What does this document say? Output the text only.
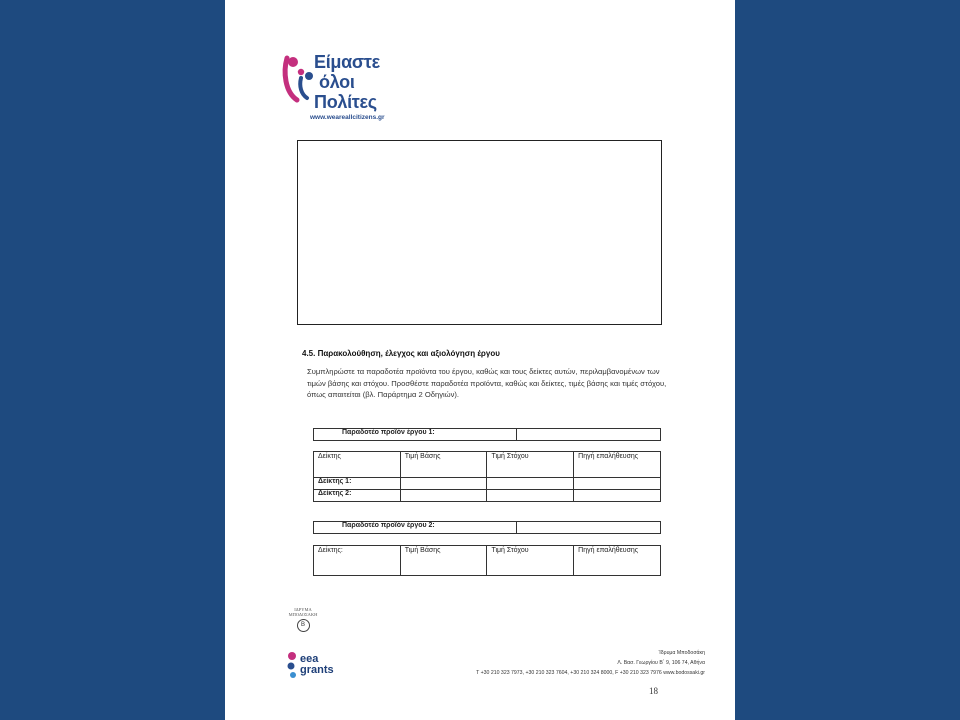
Είμαστε
όλοι
Πολίτες
www.weareallcitizens.gr
4.5. Παρακολούθηση, έλεγχος και αξιολόγηση έργου
Συμπληρώστε τα παραδοτέα προϊόντα του έργου, καθώς και τους δείκτες αυτών, περιλαμβανομένων των τιμών βάσης και στόχου. Προσθέστε παραδοτέα προϊόντα, καθώς και δείκτες, τιμές βάσης και τιμές στόχου, όπως απαιτείται (βλ. Παράρτημα 2 Οδηγιών).
Παραδοτέο προϊόν έργου 1:	
Δείκτης	Τιμή Βάσης	Τιμή Στόχου	Πηγή επαλήθευσης
Δείκτης 1:			
Δείκτης 2:			
Παραδοτέο προϊόν έργου 2:	
Δείκτης:	Τιμή Βάσης	Τιμή Στόχου	Πηγή επαλήθευσης
ΙΔΡΥΜΑ
ΜΠΟΔΟΣΑΚΗ
Β
eea
grants
Ίδρυμα Μποδοσάκη
Λ. Βασ. Γεωργίου Β΄ 9, 106 74, Αθήνα
T +30 210 323 7973, +30 210 323 7604, +30 210 324 8000, F +30 210 323 7976 www.bodossaki.gr
18
